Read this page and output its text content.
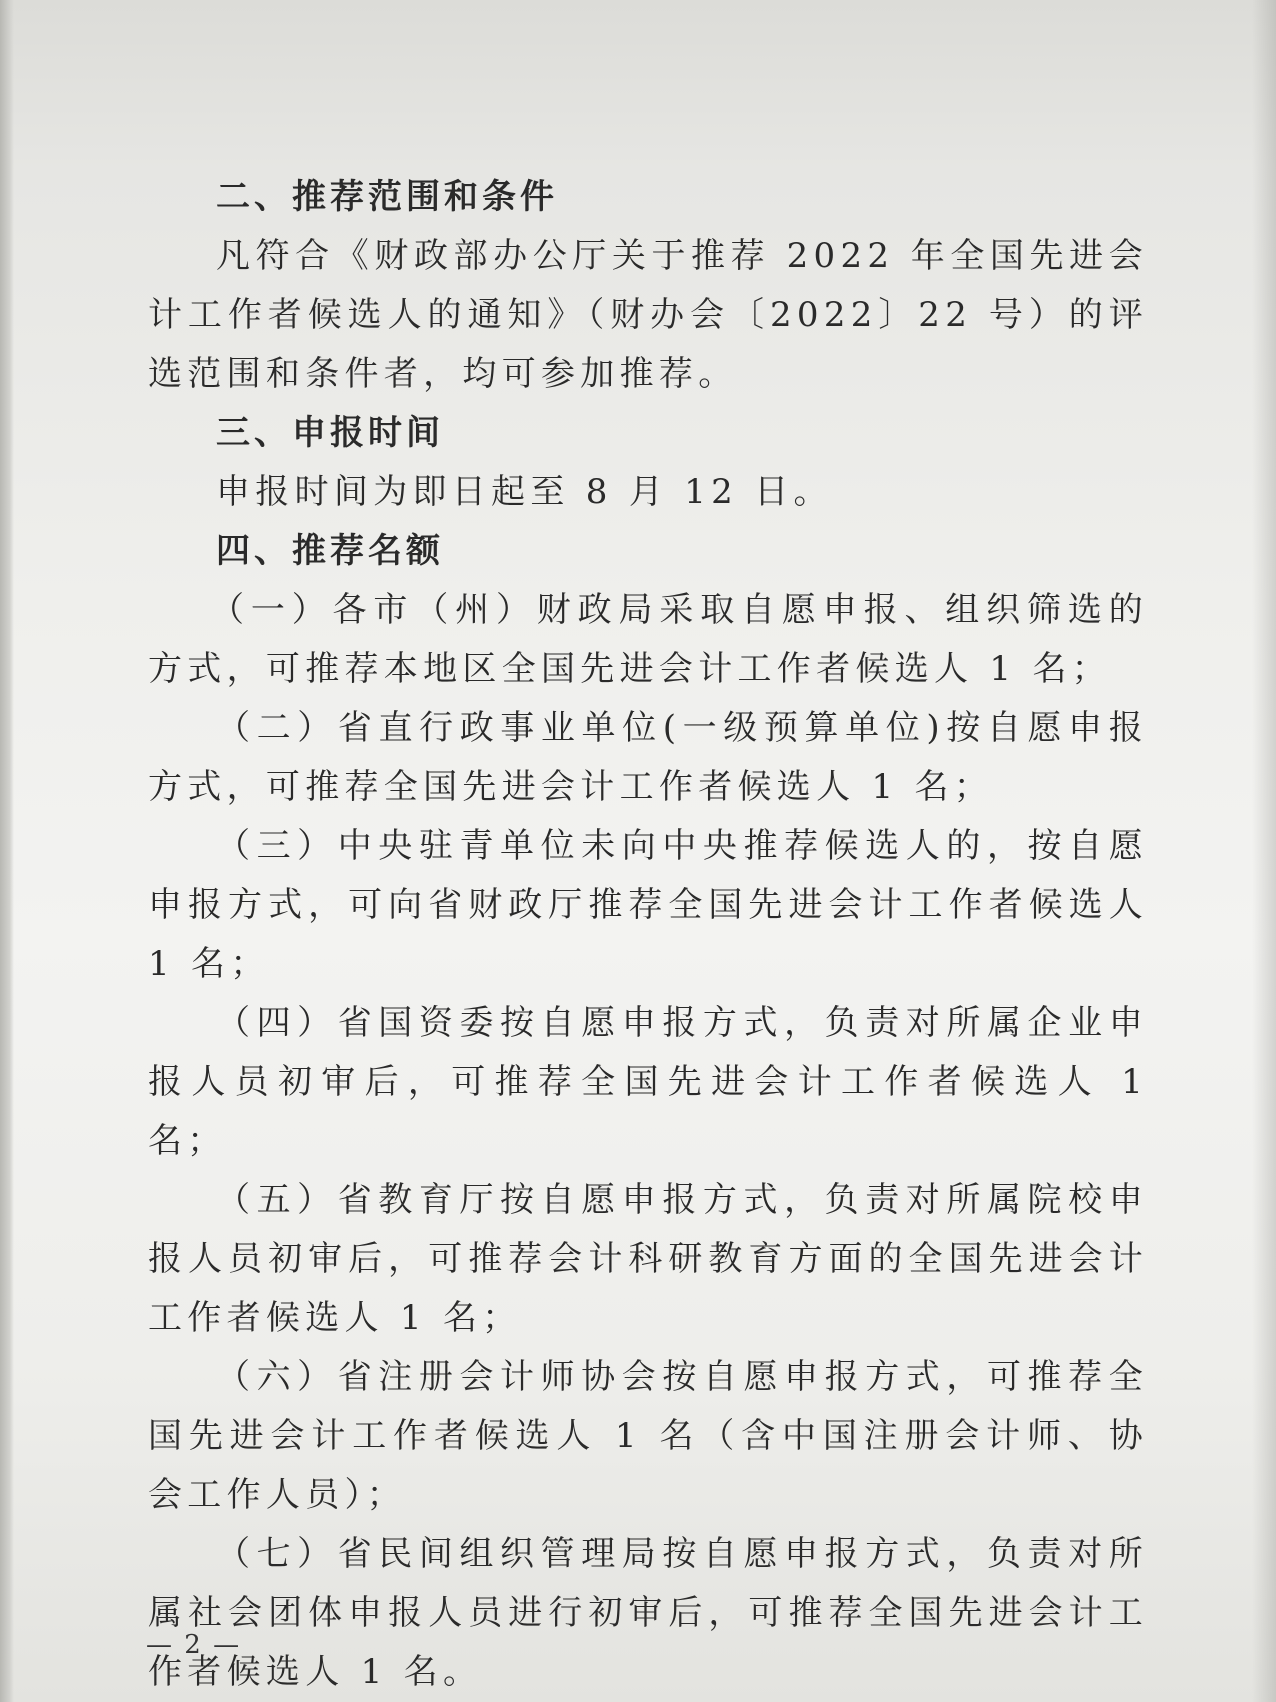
二、推荐范围和条件

凡符合《财政部办公厅关于推荐 2022 年全国先进会计工作者候选人的通知》（财办会〔2022〕22 号）的评选范围和条件者，均可参加推荐。

三、申报时间

申报时间为即日起至 8 月 12 日。

四、推荐名额

（一）各市（州）财政局采取自愿申报、组织筛选的方式，可推荐本地区全国先进会计工作者候选人 1 名；

（二）省直行政事业单位(一级预算单位)按自愿申报方式，可推荐全国先进会计工作者候选人 1 名；

（三）中央驻青单位未向中央推荐候选人的，按自愿申报方式，可向省财政厅推荐全国先进会计工作者候选人 1 名；

（四）省国资委按自愿申报方式，负责对所属企业申报人员初审后，可推荐全国先进会计工作者候选人 1 名；

（五）省教育厅按自愿申报方式，负责对所属院校申报人员初审后，可推荐会计科研教育方面的全国先进会计工作者候选人 1 名；

（六）省注册会计师协会按自愿申报方式，可推荐全国先进会计工作者候选人 1 名（含中国注册会计师、协会工作人员）；

（七）省民间组织管理局按自愿申报方式，负责对所属社会团体申报人员进行初审后，可推荐全国先进会计工作者候选人 1 名。

— 2 —
